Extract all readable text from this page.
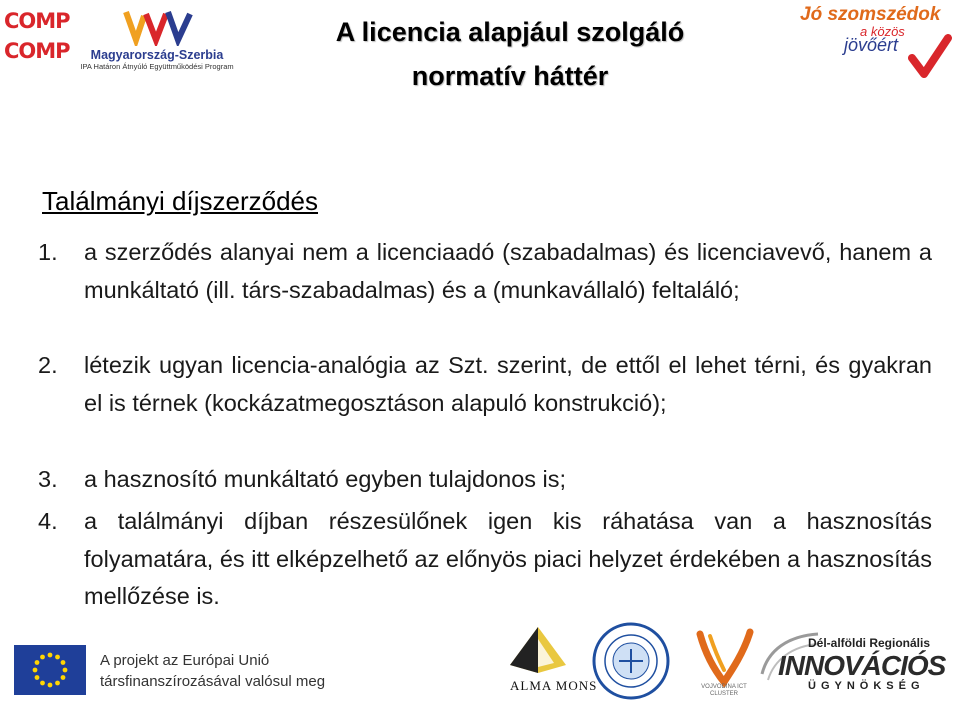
COMP
COMP	Magyarország-Szerbia
IPA Határon Átnyúló Együttműködési Program
A licencia alapjául szolgáló
normatív háttér
Jó szomszédok
a közös
jövőért
Találmányi díjszerződés
1.	a szerződés alanyai nem a licenciaadó (szabadalmas) és licenciavevő, hanem a munkáltató (ill. társ-szabadalmas) és a (munkavállaló) feltaláló;
2.	létezik ugyan licencia-analógia az Szt. szerint, de ettől el lehet térni, és gyakran el is térnek (kockázatmegosztáson alapuló konstrukció);
3.	a hasznosító munkáltató egyben tulajdonos is;
4.	a találmányi díjban részesülőnek igen kis ráhatása van a hasznosítás folyamatára, és itt elképzelhető az előnyös piaci helyzet érdekében a hasznosítás mellőzése is.
A projekt az Európai Unió
társfinanszírozásával valósul meg	ALMA MONS	VOJVODINA ICT CLUSTER
Dél-alföldi Regionális
INNOVÁCIÓS
ÜGYNÖKSÉG
